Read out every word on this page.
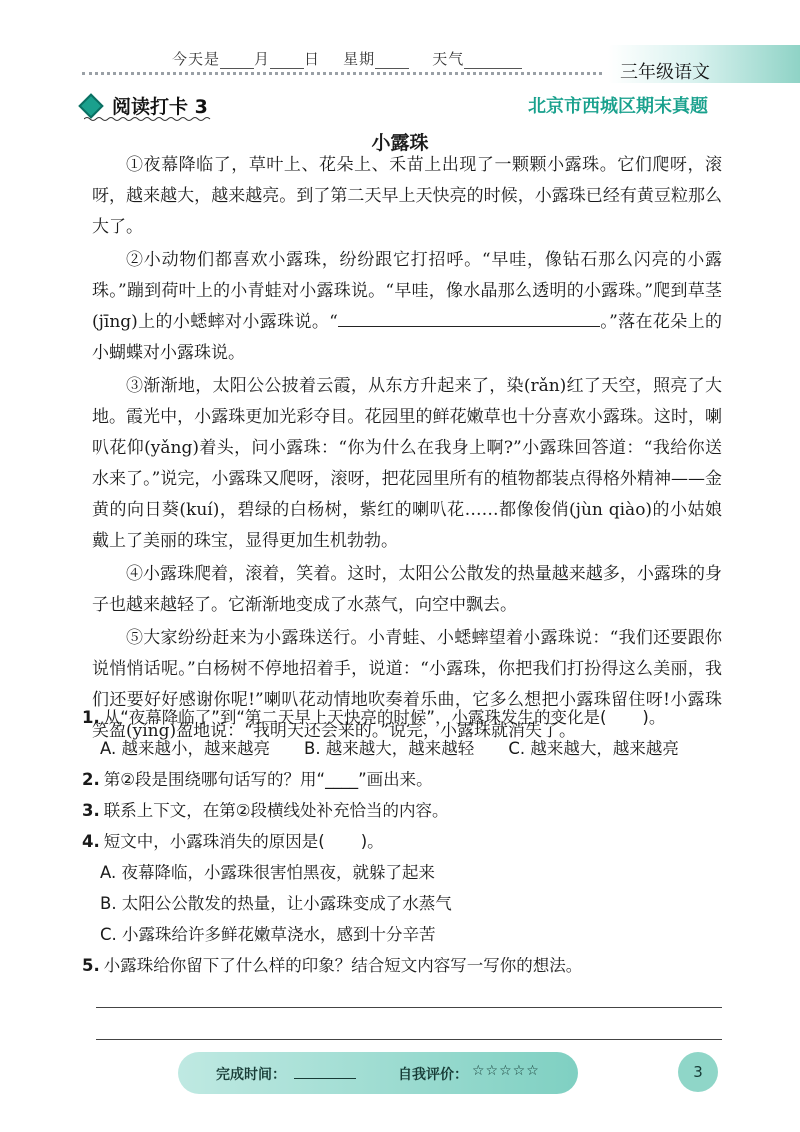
今天是 月 日 星期	天气
三年级语文
阅读打卡 3	北京市西城区期末真题
小露珠

①夜幕降临了，草叶上、花朵上、禾苗上出现了一颗颗小露珠。它们爬呀，滚呀，越来越大，越来越亮。到了第二天早上天快亮的时候，小露珠已经有黄豆粒那么大了。

②小动物们都喜欢小露珠，纷纷跟它打招呼。“早哇，像钻石那么闪亮的小露珠。”蹦到荷叶上的小青蛙对小露珠说。“早哇，像水晶那么透明的小露珠。”爬到草茎(jīng)上的小蟋蟀对小露珠说。“	。”落在花朵上的小蝴蝶对小露珠说。

③渐渐地，太阳公公披着云霞，从东方升起来了，染(rǎn)红了天空，照亮了大地。霞光中，小露珠更加光彩夺目。花园里的鲜花嫩草也十分喜欢小露珠。这时，喇叭花仰(yǎng)着头，问小露珠：“你为什么在我身上啊?”小露珠回答道：“我给你送水来了。”说完，小露珠又爬呀，滚呀，把花园里所有的植物都装点得格外精神——金黄的向日葵(kuí)，碧绿的白杨树，紫红的喇叭花……都像俊俏(jùn qiào)的小姑娘戴上了美丽的珠宝，显得更加生机勃勃。

④小露珠爬着，滚着，笑着。这时，太阳公公散发的热量越来越多，小露珠的身子也越来越轻了。它渐渐地变成了水蒸气，向空中飘去。

⑤大家纷纷赶来为小露珠送行。小青蛙、小蟋蟀望着小露珠说：“我们还要跟你说悄悄话呢。”白杨树不停地招着手，说道：“小露珠，你把我们打扮得这么美丽，我们还要好好感谢你呢!”喇叭花动情地吹奏着乐曲，它多么想把小露珠留住呀!小露珠笑盈(yíng)盈地说：“我明天还会来的。”说完，小露珠就消失了。

1. 从“夜幕降临了”到“第二天早上天快亮的时候”，小露珠发生的变化是( )。
A. 越来越小，越来越亮 B. 越来越大，越来越轻 C. 越来越大，越来越亮
2. 第②段是围绕哪句话写的？用“____”画出来。
3. 联系上下文，在第②段横线处补充恰当的内容。
4. 短文中，小露珠消失的原因是( )。
A. 夜幕降临，小露珠很害怕黑夜，就躲了起来
B. 太阳公公散发的热量，让小露珠变成了水蒸气
C. 小露珠给许多鲜花嫩草浇水，感到十分辛苦
5. 小露珠给你留下了什么样的印象？结合短文内容写一写你的想法。
完成时间：	自我评价： ☆☆☆☆☆	3
